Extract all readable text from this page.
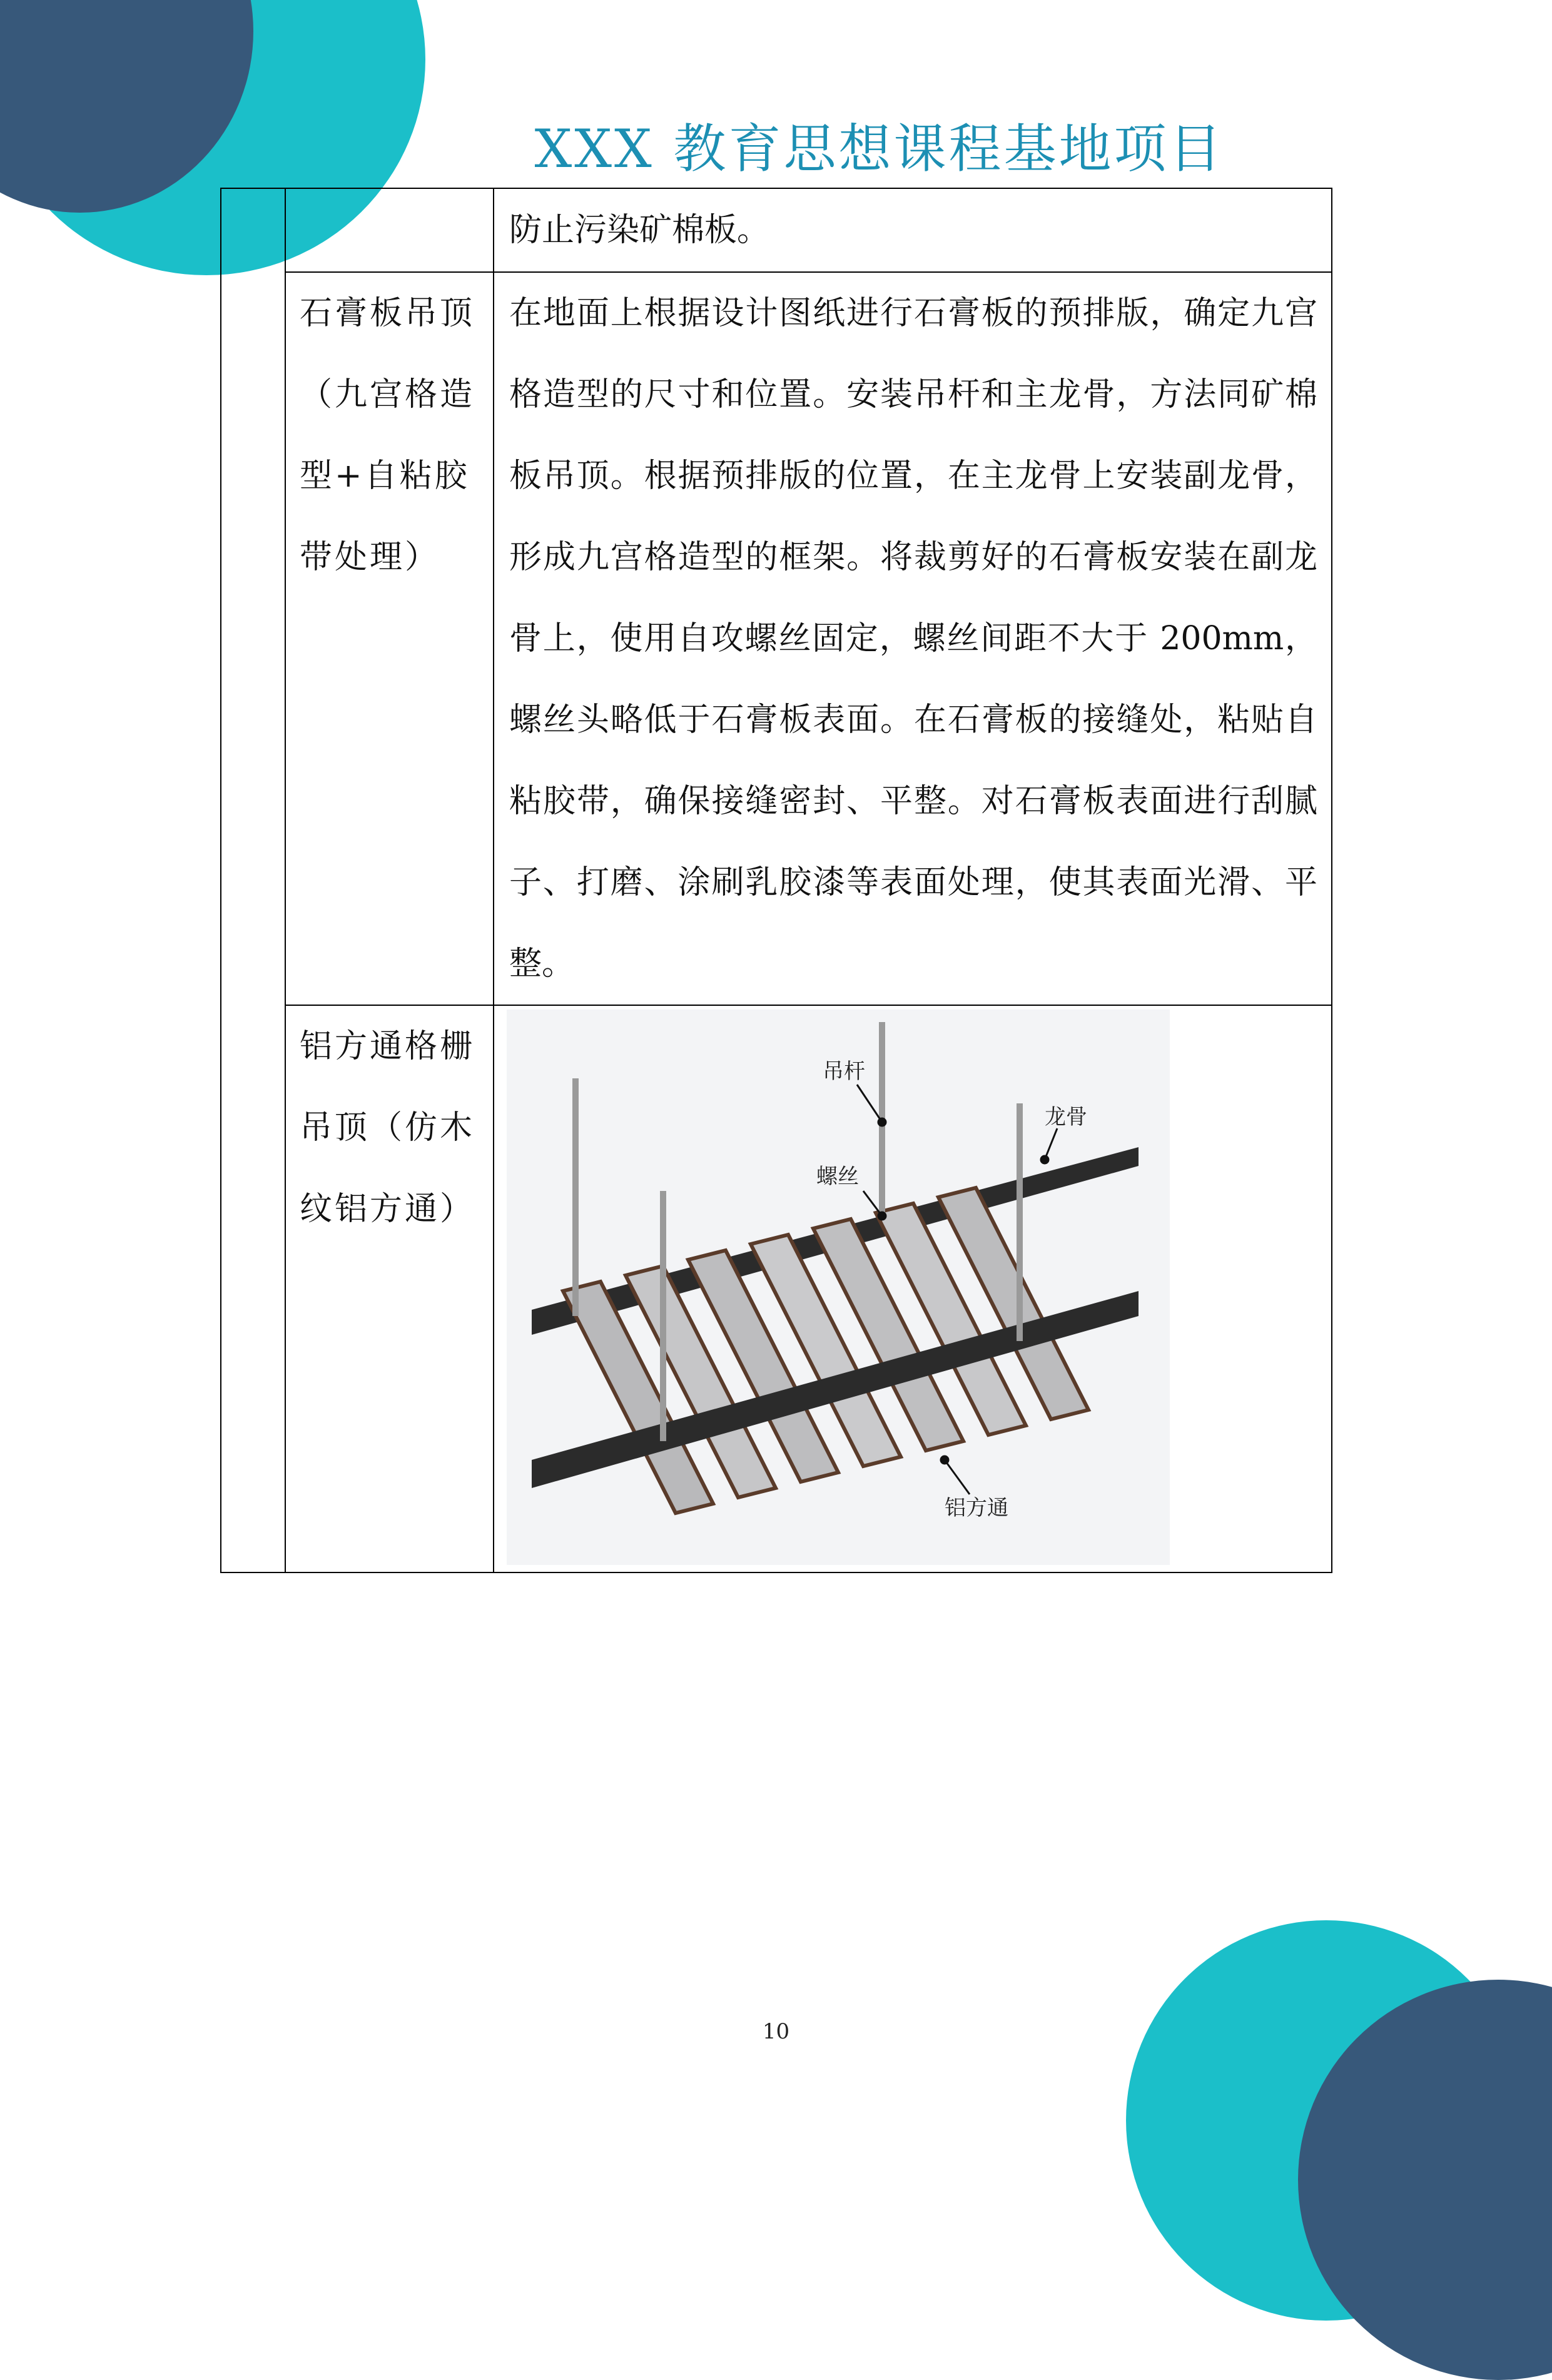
XXX 教育思想课程基地项目

		防止污染矿棉板。

	石膏板吊顶（九宫格造型+自粘胶带处理）	在地面上根据设计图纸进行石膏板的预排版，确定九宫格造型的尺寸和位置。安装吊杆和主龙骨，方法同矿棉板吊顶。根据预排版的位置，在主龙骨上安装副龙骨，形成九宫格造型的框架。将裁剪好的石膏板安装在副龙骨上，使用自攻螺丝固定，螺丝间距不大于 200mm，螺丝头略低于石膏板表面。在石膏板的接缝处，粘贴自粘胶带，确保接缝密封、平整。对石膏板表面进行刮腻子、打磨、涂刷乳胶漆等表面处理，使其表面光滑、平整。

	铝方通格栅吊顶（仿木纹铝方通）	吊杆
龙骨
螺丝
铝方通
10
